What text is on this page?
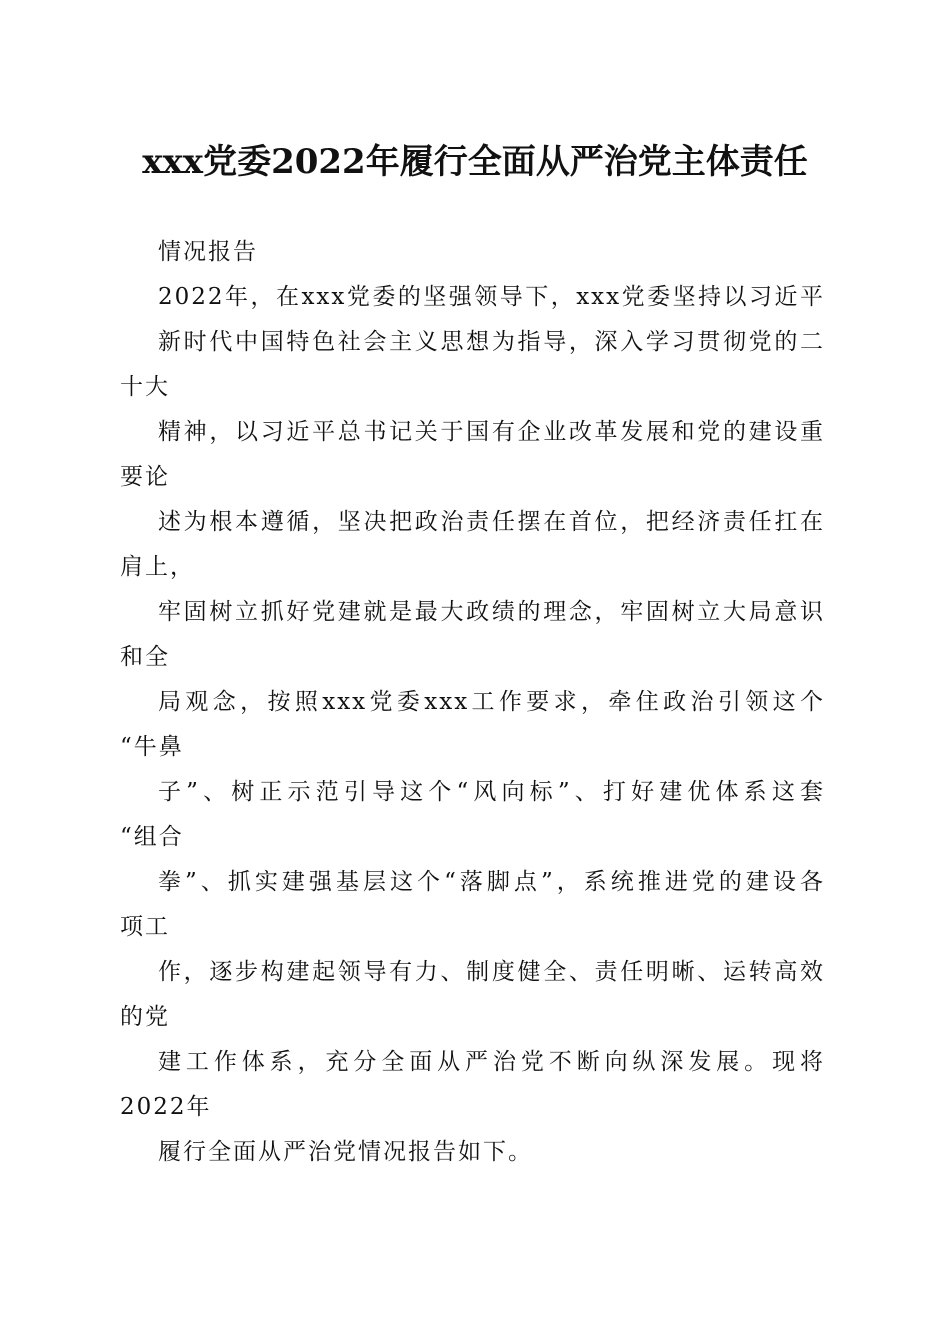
xxx党委2022年履行全面从严治党主体责任

情况报告

2022年，在xxx党委的坚强领导下，xxx党委坚持以习近平

新时代中国特色社会主义思想为指导，深入学习贯彻党的二

十大

精神，以习近平总书记关于国有企业改革发展和党的建设重

要论

述为根本遵循，坚决把政治责任摆在首位，把经济责任扛在

肩上，

牢固树立抓好党建就是最大政绩的理念，牢固树立大局意识

和全

局观念，按照xxx党委xxx工作要求，牵住政治引领这个

“牛鼻

子”、树正示范引导这个“风向标”、打好建优体系这套

“组合

拳”、抓实建强基层这个“落脚点”，系统推进党的建设各

项工

作，逐步构建起领导有力、制度健全、责任明晰、运转高效

的党

建工作体系，充分全面从严治党不断向纵深发展。现将

2022年

履行全面从严治党情况报告如下。
